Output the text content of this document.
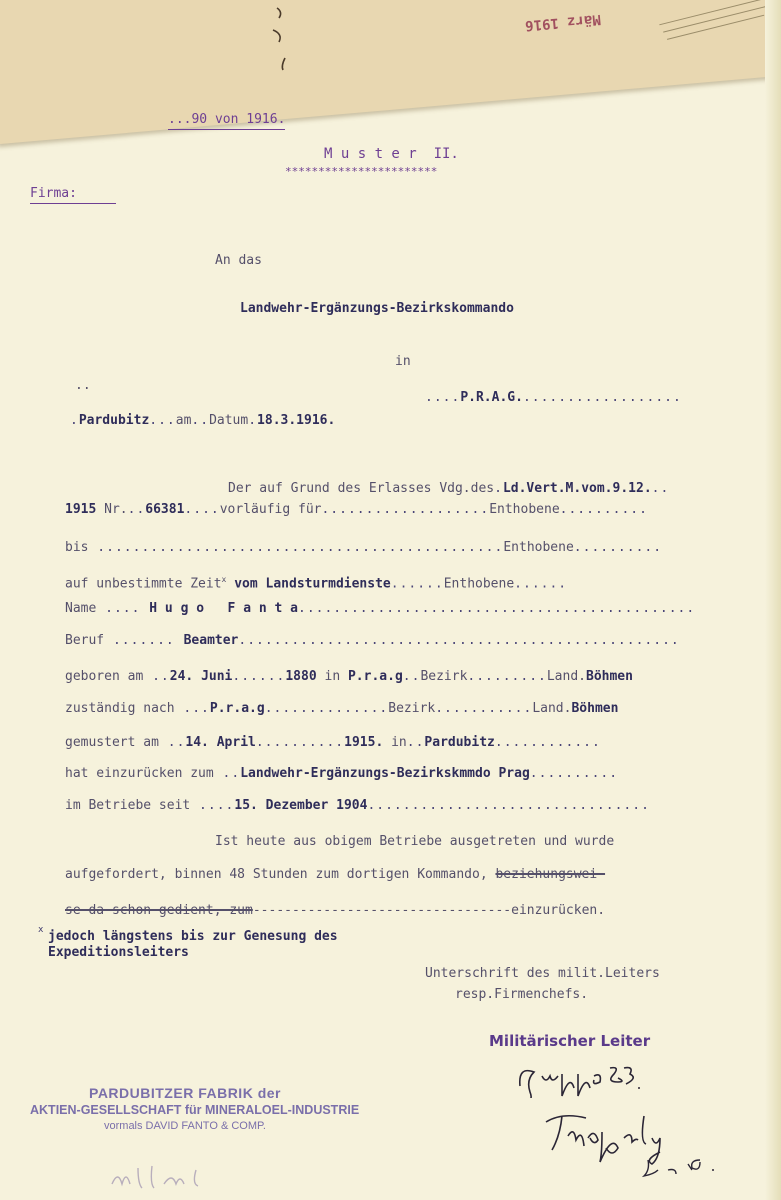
März 1916
...90 von 1916.
M u s t e r  II.
***********************
Firma:
An das
Landwehr-Ergänzungs-Bezirkskommando
in
..
....P.R.A.G...................
.Pardubitz...am..Datum.18.3.1916.
Der auf Grund des Erlasses Vdg.des.Ld.Vert.M.vom.9.12...
1915 Nr...66381....vorläufig für...................Enthobene..........
bis ..............................................Enthobene..........
auf unbestimmte Zeit$^x$ vom Landsturmdienste......Enthobene......
Name .... H u g o   F a n t a.............................................
Beruf ....... Beamter..................................................
geboren am ..24. Juni......1880 in P.r.a.g..Bezirk.........Land.Böhmen
zuständig nach ...P.r.a.g..............Bezirk...........Land.Böhmen
gemustert am ..14. April..........1915. in..Pardubitz............
hat einzurücken zum ..Landwehr-Ergänzungs-Bezirkskmmdo Prag..........
im Betriebe seit ....15. Dezember 1904................................
Ist heute aus obigem Betriebe ausgetreten und wurde
aufgefordert, binnen 48 Stunden zum dortigen Kommando, beziehungswei-
se da schon gedient, zum---------------------------------einzurücken.
x jedoch längstens bis zur Genesung des
Expeditionsleiters
Unterschrift des milit.Leiters
resp.Firmenchefs.
Militärischer Leiter
PARDUBITZER FABRIK der
AKTIEN-GESELLSCHAFT für MINERALOEL-INDUSTRIE
vormals DAVID FANTO & COMP.
